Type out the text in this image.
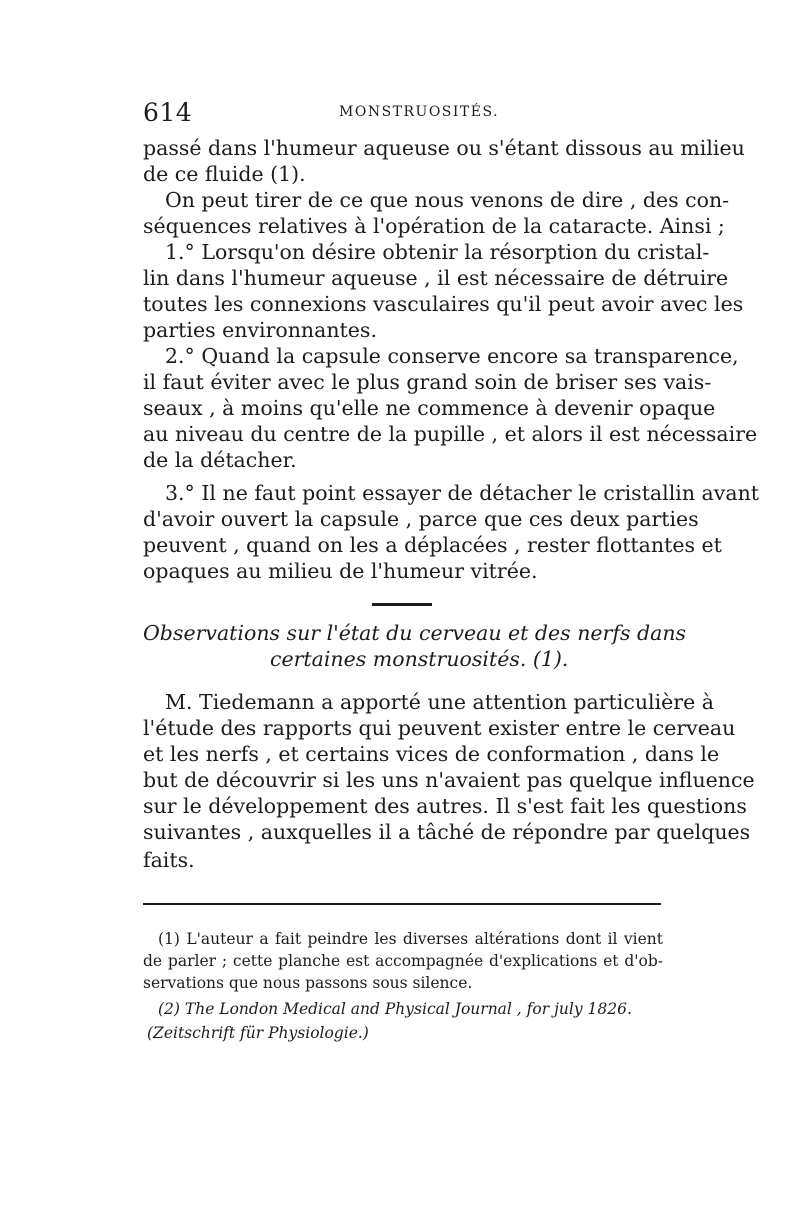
614	MONSTRUOSITÉS.
passé dans l'humeur aqueuse ou s'étant dissous au milieu
de ce fluide (1).
On peut tirer de ce que nous venons de dire , des con-
séquences relatives à l'opération de la cataracte. Ainsi ;
1.° Lorsqu'on désire obtenir la résorption du cristal-
lin dans l'humeur aqueuse , il est nécessaire de détruire
toutes les connexions vasculaires qu'il peut avoir avec les
parties environnantes.
2.° Quand la capsule conserve encore sa transparence,
il faut éviter avec le plus grand soin de briser ses vais-
seaux , à moins qu'elle ne commence à devenir opaque
au niveau du centre de la pupille , et alors il est nécessaire
de la détacher.
3.° Il ne faut point essayer de détacher le cristallin avant
d'avoir ouvert la capsule , parce que ces deux parties
peuvent , quand on les a déplacées , rester flottantes et
opaques au milieu de l'humeur vitrée.
Observations sur l'état du cerveau et des nerfs dans
certaines monstruosités. (1).
M. Tiedemann a apporté une attention particulière à
l'étude des rapports qui peuvent exister entre le cerveau
et les nerfs , et certains vices de conformation , dans le
but de découvrir si les uns n'avaient pas quelque influence
sur le développement des autres. Il s'est fait les questions
suivantes , auxquelles il a tâché de répondre par quelques
faits.
(1) L'auteur a fait peindre les diverses altérations dont il vient
de parler ; cette planche est accompagnée d'explications et d'ob-
servations que nous passons sous silence.
(2) The London Medical and Physical Journal , for july 1826.
(Zeitschrift für Physiologie.)
